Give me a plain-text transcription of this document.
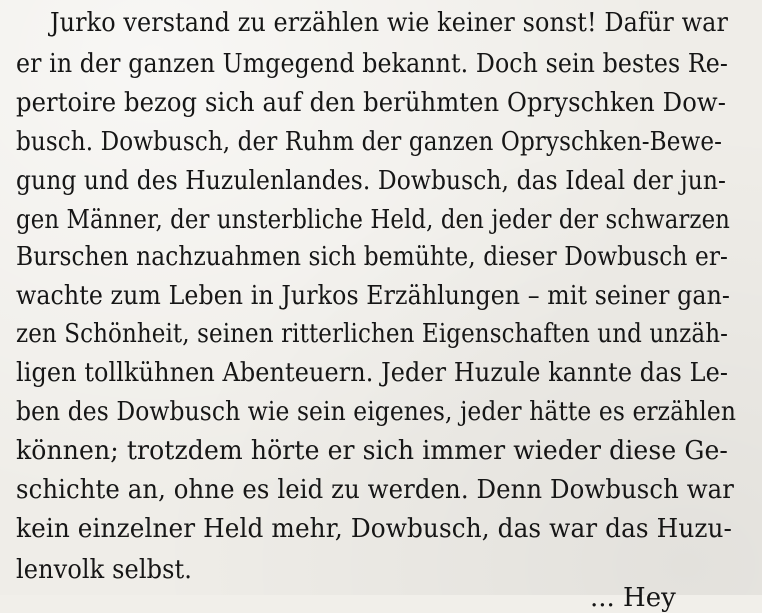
Jurko verstand zu erzählen wie keiner sonst! Dafür war
er in der ganzen Umgegend bekannt. Doch sein bestes Re-
pertoire bezog sich auf den berühmten Opryschken Dow-
busch. Dowbusch, der Ruhm der ganzen Opryschken-Bewe-
gung und des Huzulenlandes. Dowbusch, das Ideal der jun-
gen Männer, der unsterbliche Held, den jeder der schwarzen
Burschen nachzuahmen sich bemühte, dieser Dowbusch er-
wachte zum Leben in Jurkos Erzählungen – mit seiner gan-
zen Schönheit, seinen ritterlichen Eigenschaften und unzäh-
ligen tollkühnen Abenteuern. Jeder Huzule kannte das Le-
ben des Dowbusch wie sein eigenes, jeder hätte es erzählen
können; trotzdem hörte er sich immer wieder diese Ge-
schichte an, ohne es leid zu werden. Denn Dowbusch war
kein einzelner Held mehr, Dowbusch, das war das Huzu-
lenvolk selbst.
... Hey
